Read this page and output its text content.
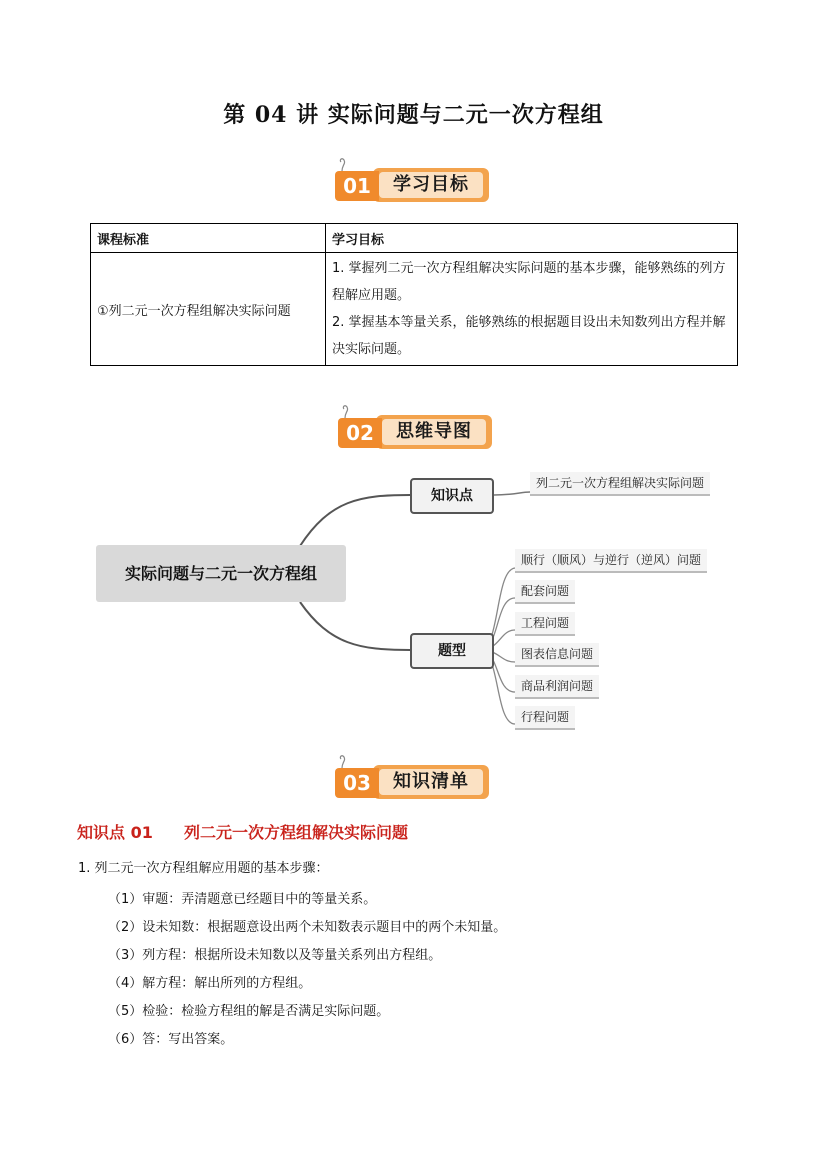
第 04 讲 实际问题与二元一次方程组
学习目标
01
课程标准	学习目标
①列二元一次方程组解决实际问题	1. 掌握列二元一次方程组解决实际问题的基本步骤，能够熟练的列方程解应用题。
2. 掌握基本等量关系，能够熟练的根据题目设出未知数列出方程并解决实际问题。
思维导图
02
实际问题与二元一次方程组
知识点
题型
列二元一次方程组解决实际问题
顺行（顺风）与逆行（逆风）问题
配套问题
工程问题
图表信息问题
商品利润问题
行程问题
知识清单
03
知识点 01 列二元一次方程组解决实际问题
1. 列二元一次方程组解应用题的基本步骤：
（1）审题：弄清题意已经题目中的等量关系。
（2）设未知数：根据题意设出两个未知数表示题目中的两个未知量。
（3）列方程：根据所设未知数以及等量关系列出方程组。
（4）解方程：解出所列的方程组。
（5）检验：检验方程组的解是否满足实际问题。
（6）答：写出答案。
